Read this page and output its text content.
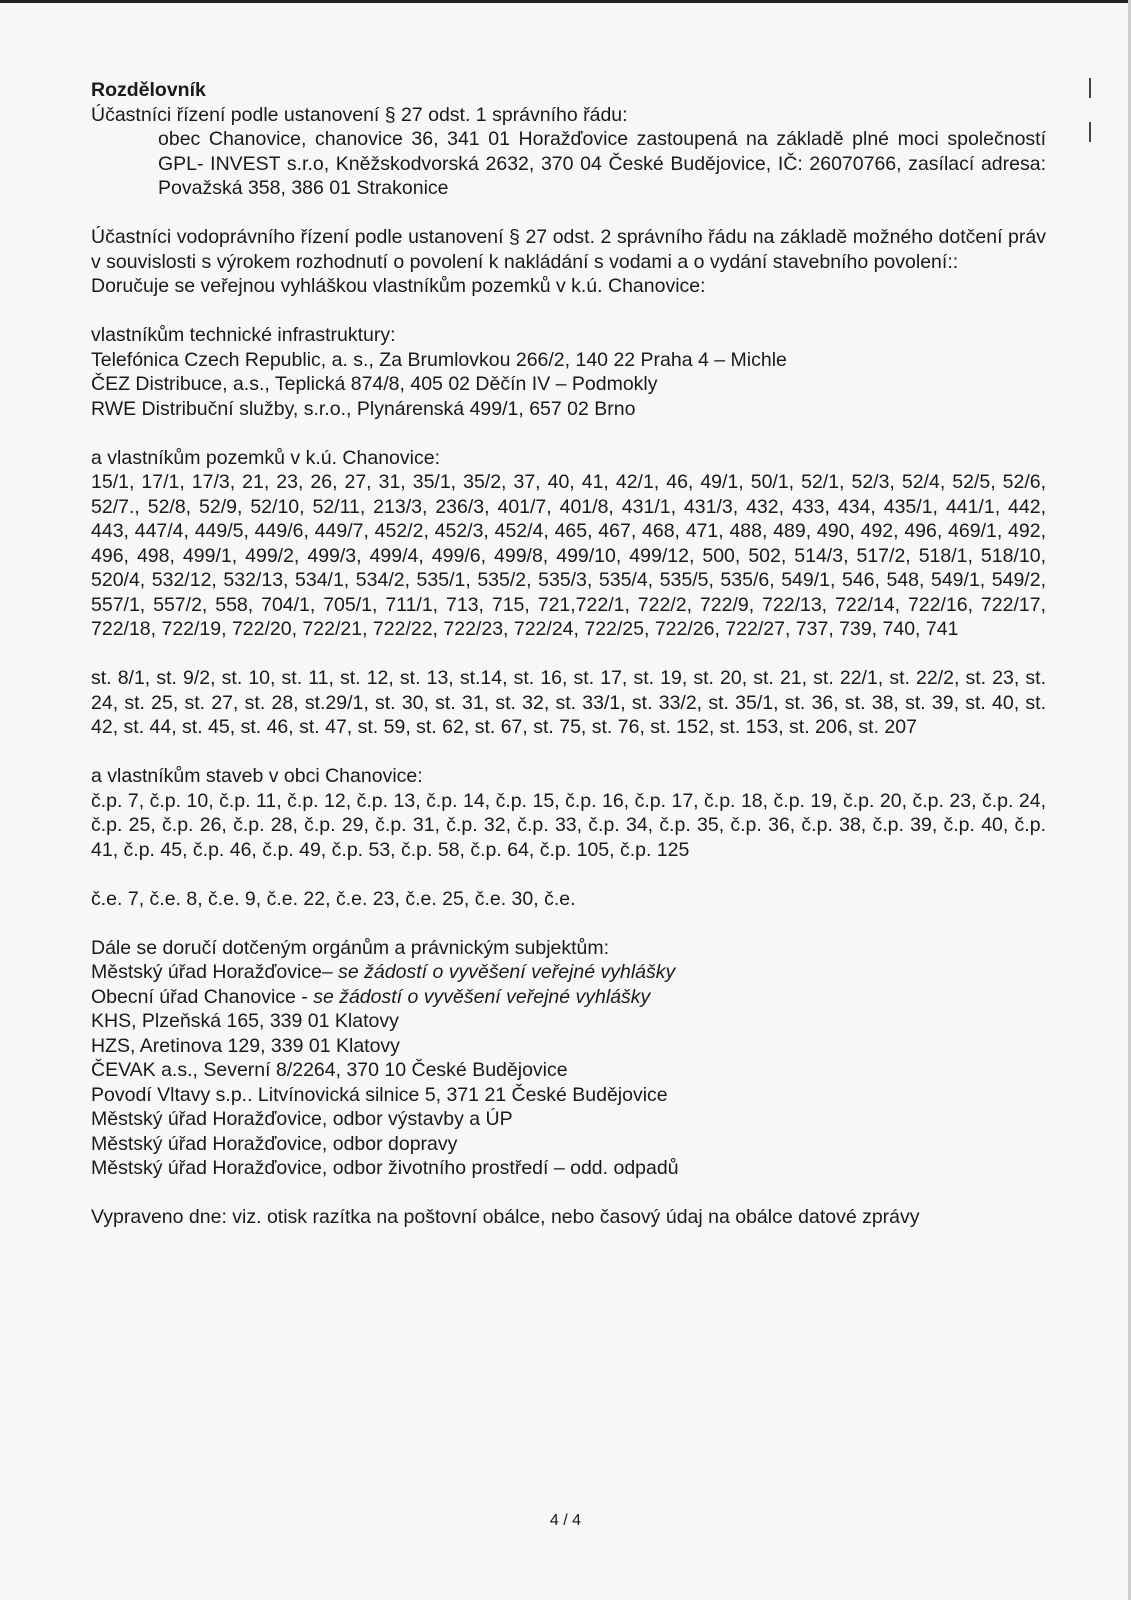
Rozdělovník

Účastníci řízení podle ustanovení § 27 odst. 1 správního řádu:

obec Chanovice, chanovice 36, 341 01 Horažďovice zastoupená na základě plné moci společností GPL- INVEST s.r.o, Kněžskodvorská 2632, 370 04 České Budějovice, IČ: 26070766, zasílací adresa: Považská 358, 386 01 Strakonice

Účastníci vodoprávního řízení podle ustanovení § 27 odst. 2 správního řádu na základě možného dotčení práv v souvislosti s výrokem rozhodnutí o povolení k nakládání s vodami a o vydání stavebního povolení::

Doručuje se veřejnou vyhláškou vlastníkům pozemků v k.ú. Chanovice:

vlastníkům technické infrastruktury:

Telefónica Czech Republic, a. s., Za Brumlovkou 266/2, 140 22 Praha 4 – Michle

ČEZ Distribuce, a.s., Teplická 874/8, 405 02 Děčín IV – Podmokly

RWE Distribuční služby, s.r.o., Plynárenská 499/1, 657 02 Brno

a vlastníkům pozemků v k.ú. Chanovice:

15/1, 17/1, 17/3, 21, 23, 26, 27, 31, 35/1, 35/2, 37, 40, 41, 42/1, 46, 49/1, 50/1, 52/1, 52/3, 52/4, 52/5, 52/6, 52/7., 52/8, 52/9, 52/10, 52/11, 213/3, 236/3, 401/7, 401/8, 431/1, 431/3, 432, 433, 434, 435/1, 441/1, 442, 443, 447/4, 449/5, 449/6, 449/7, 452/2, 452/3, 452/4, 465, 467, 468, 471, 488, 489, 490, 492, 496, 469/1, 492, 496, 498, 499/1, 499/2, 499/3, 499/4, 499/6, 499/8, 499/10, 499/12, 500, 502, 514/3, 517/2, 518/1, 518/10, 520/4, 532/12, 532/13, 534/1, 534/2, 535/1, 535/2, 535/3, 535/4, 535/5, 535/6, 549/1, 546, 548, 549/1, 549/2, 557/1, 557/2, 558, 704/1, 705/1, 711/1, 713, 715, 721,722/1, 722/2, 722/9, 722/13, 722/14, 722/16, 722/17, 722/18, 722/19, 722/20, 722/21, 722/22, 722/23, 722/24, 722/25, 722/26, 722/27, 737, 739, 740, 741

st. 8/1, st. 9/2, st. 10, st. 11, st. 12, st. 13, st.14, st. 16, st. 17, st. 19, st. 20, st. 21, st. 22/1, st. 22/2, st. 23, st. 24, st. 25, st. 27, st. 28, st.29/1, st. 30, st. 31, st. 32, st. 33/1, st. 33/2, st. 35/1, st. 36, st. 38, st. 39, st. 40, st. 42, st. 44, st. 45, st. 46, st. 47, st. 59, st. 62, st. 67, st. 75, st. 76, st. 152, st. 153, st. 206, st. 207

a vlastníkům staveb v obci Chanovice:

č.p. 7, č.p. 10, č.p. 11, č.p. 12, č.p. 13, č.p. 14, č.p. 15, č.p. 16, č.p. 17, č.p. 18, č.p. 19, č.p. 20, č.p. 23, č.p. 24, č.p. 25, č.p. 26, č.p. 28, č.p. 29, č.p. 31, č.p. 32, č.p. 33, č.p. 34, č.p. 35, č.p. 36, č.p. 38, č.p. 39, č.p. 40, č.p. 41, č.p. 45, č.p. 46, č.p. 49, č.p. 53, č.p. 58, č.p. 64, č.p. 105, č.p. 125

č.e. 7, č.e. 8, č.e. 9, č.e. 22, č.e. 23, č.e. 25, č.e. 30, č.e.

Dále se doručí dotčeným orgánům a právnickým subjektům:

Městský úřad Horažďovice– se žádostí o vyvěšení veřejné vyhlášky

Obecní úřad Chanovice - se žádostí o vyvěšení veřejné vyhlášky

KHS, Plzeňská 165, 339 01 Klatovy

HZS, Aretinova 129, 339 01 Klatovy

ČEVAK a.s., Severní 8/2264, 370 10 České Budějovice

Povodí Vltavy s.p.. Litvínovická silnice 5, 371 21 České Budějovice

Městský úřad Horažďovice, odbor výstavby a ÚP

Městský úřad Horažďovice, odbor dopravy

Městský úřad Horažďovice, odbor životního prostředí – odd. odpadů

Vypraveno dne: viz. otisk razítka na poštovní obálce, nebo časový údaj na obálce datové zprávy

4 / 4
